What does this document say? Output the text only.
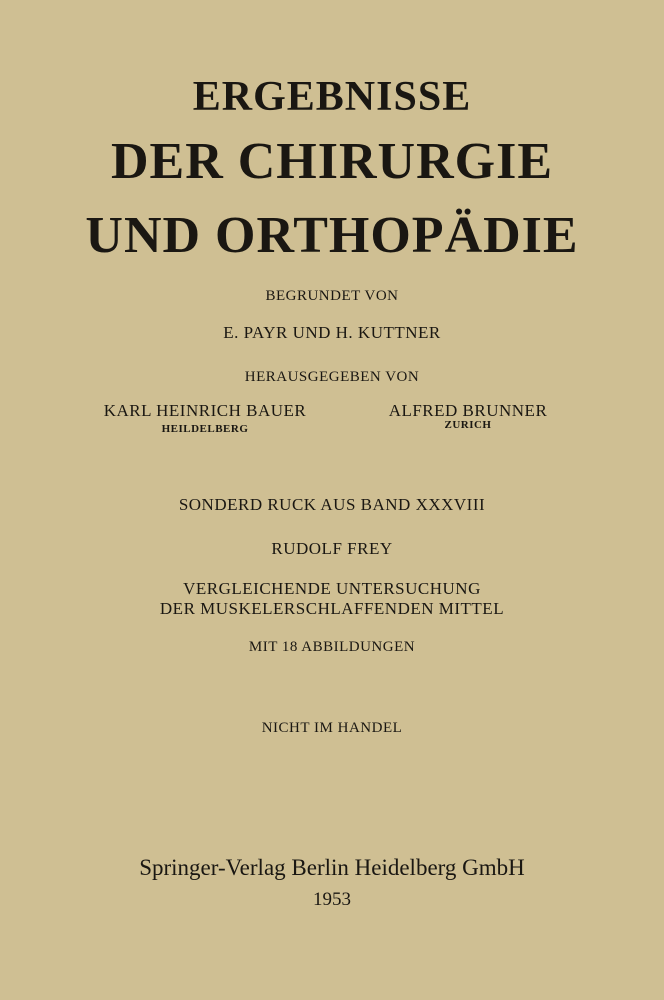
ERGEBNISSE
DER CHIRURGIE
UND ORTHOPÄDIE
BEGRUNDET VON
E. PAYR UND H. KUTTNER
HERAUSGEGEBEN VON
KARL HEINRICH BAUER
HEILDELBERG
ALFRED BRUNNER
ZURICH
SONDERD RUCK AUS BAND XXXVIII
RUDOLF FREY
VERGLEICHENDE UNTERSUCHUNG
DER MUSKELERSCHLAFFENDEN MITTEL
MIT 18 ABBILDUNGEN
NICHT IM HANDEL
Springer-Verlag Berlin Heidelberg GmbH
1953
